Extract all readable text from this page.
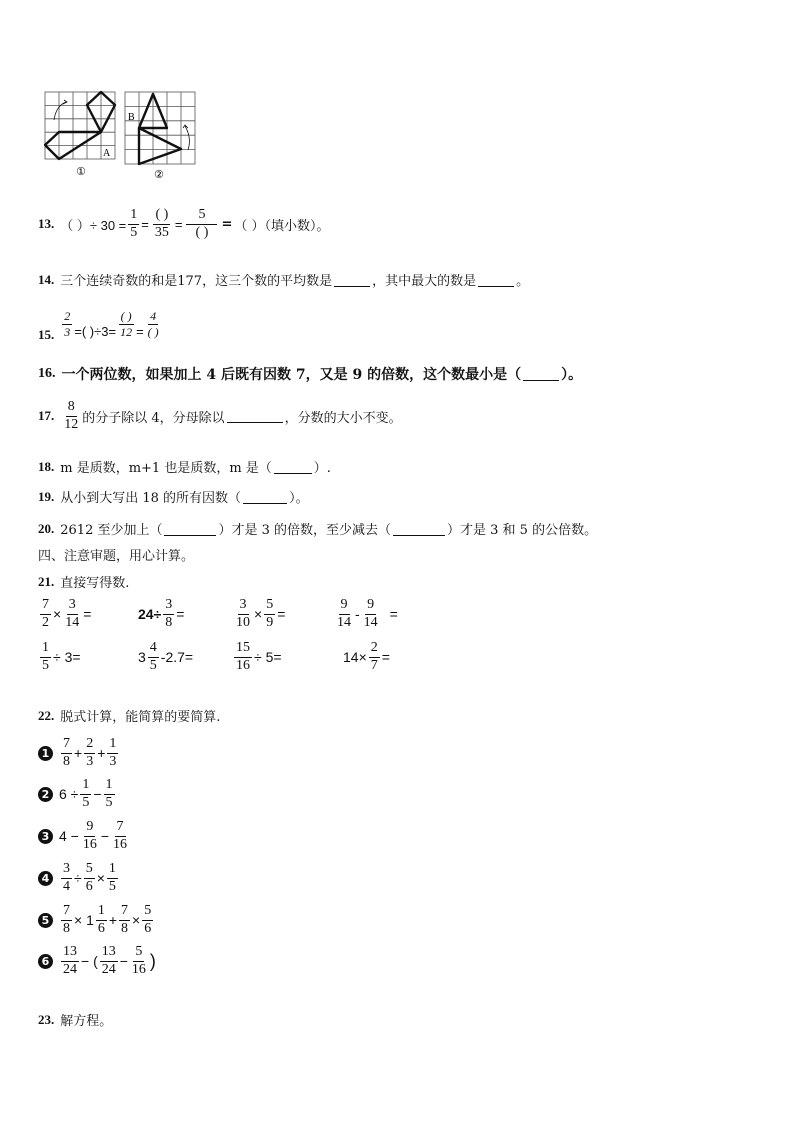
A
①
B
②
13. （ ）÷ $30 = \frac{1}{5} = \frac{( )}{35} = \frac{5}{( )}$ = （ ）（填小数）。
14. 三个连续奇数的和是177，这三个数的平均数是	，其中最大的数是	。
15. $\frac{2}{3}$ =( )$\div 3= \frac{( )}{12} = \frac{4}{( )}$
16. 一个两位数，如果加上 4 后既有因数 7，又是 9 的倍数，这个数最小是（	）。
17. $\frac{8}{12}$ 的分子除以 4，分母除以	，分数的大小不变。
18. m 是质数，m+1 也是质数，m 是（	）.
19. 从小到大写出 18 的所有因数（	）。
20. 2612 至少加上（	）才是 3 的倍数，至少减去（	）才是 3 和 5 的公倍数。
四、注意审题，用心计算。
21. 直接写得数.
$\frac{7}{2} \times \frac{3}{14}$ =	$24\div \frac{3}{8}$ =	$\frac{3}{10} \times \frac{5}{9}$ =	$\frac{9}{14} - \frac{9}{14}$ =
$\frac{1}{5} \div 3=$	$3 \frac{4}{5} -2.7=$	$\frac{15}{16} \div 5=$	$14\times \frac{2}{7}$ =
22. 脱式计算，能简算的要简算.
$1 \frac{7}{8} + \frac{2}{3} + \frac{1}{3}$
2 $6 \div \frac{1}{5} - \frac{1}{5}$
3 $4 - \frac{9}{16} - \frac{7}{16}$
$4 \frac{3}{4} \div \frac{5}{6} \times \frac{1}{5}$
$5 \frac{7}{8} \times 1 \frac{1}{6} + \frac{7}{8} \times \frac{5}{6}$
$6 \frac{13}{24}$ − ( $\frac{13}{24} - \frac{5}{16}$ )
23. 解方程。
